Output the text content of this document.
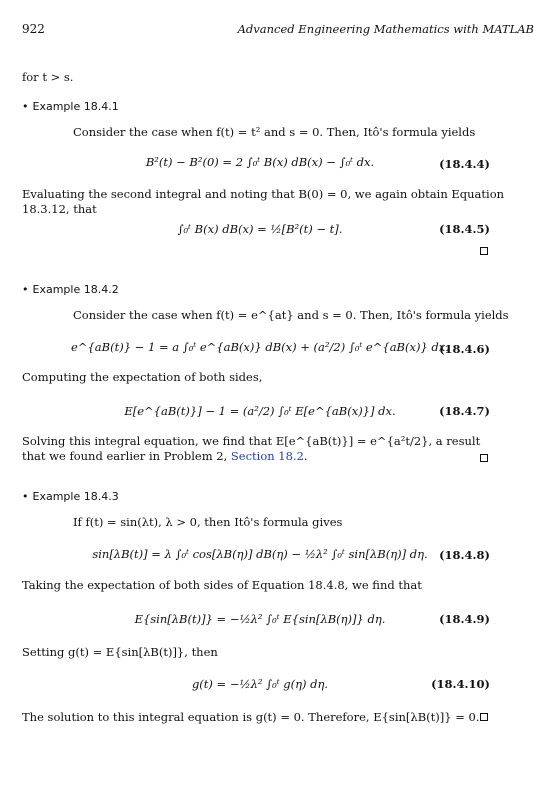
922	Advanced Engineering Mathematics with MATLAB
for t > s.
• Example 18.4.1
Consider the case when f(t) = t² and s = 0. Then, Itô's formula yields
B²(t) − B²(0) = 2 ∫₀ᵗ B(x) dB(x) − ∫₀ᵗ dx.	(18.4.4)
Evaluating the second integral and noting that B(0) = 0, we again obtain Equation 18.3.12, that
∫₀ᵗ B(x) dB(x) = ½[B²(t) − t].	(18.4.5)
• Example 18.4.2
Consider the case when f(t) = e^{at} and s = 0. Then, Itô's formula yields
e^{aB(t)} − 1 = a ∫₀ᵗ e^{aB(x)} dB(x) + (a²/2) ∫₀ᵗ e^{aB(x)} dx.
(18.4.6)
Computing the expectation of both sides,
E[e^{aB(t)}] − 1 = (a²/2) ∫₀ᵗ E[e^{aB(x)}] dx.	(18.4.7)
Solving this integral equation, we find that E[e^{aB(t)}] = e^{a²t/2}, a result that we found earlier in Problem 2, Section 18.2.
• Example 18.4.3
If f(t) = sin(λt), λ > 0, then Itô's formula gives
sin[λB(t)] = λ ∫₀ᵗ cos[λB(η)] dB(η) − ½λ² ∫₀ᵗ sin[λB(η)] dη. (18.4.8)
Taking the expectation of both sides of Equation 18.4.8, we find that
E{sin[λB(t)]} = −½λ² ∫₀ᵗ E{sin[λB(η)]} dη.	(18.4.9)
Setting g(t) = E{sin[λB(t)]}, then
g(t) = −½λ² ∫₀ᵗ g(η) dη.	(18.4.10)
The solution to this integral equation is g(t) = 0. Therefore, E{sin[λB(t)]} = 0.
